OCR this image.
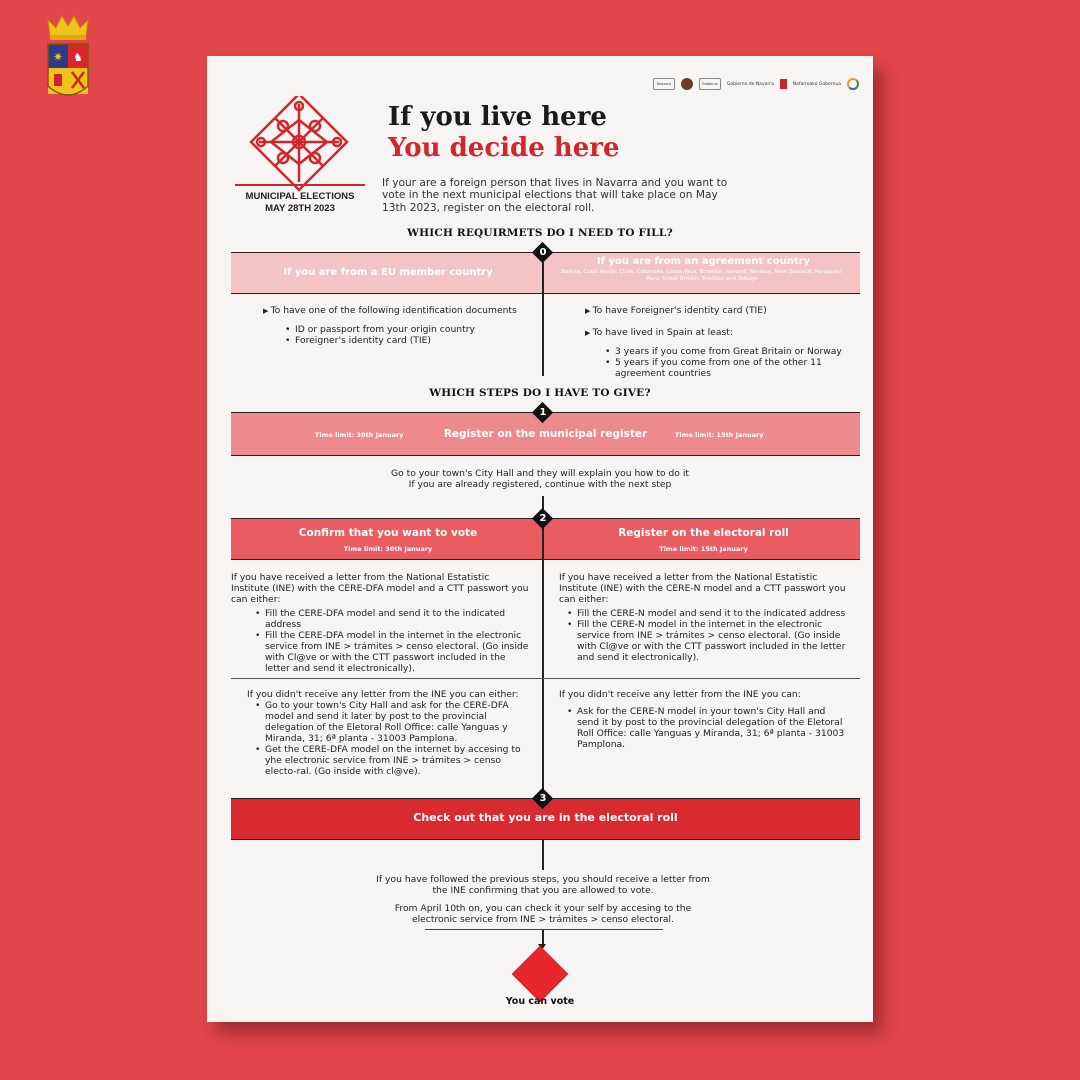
✷ ♞
Navarra	Gobierno	Gobierno de Navarra	Nafarroako Gobernua
MUNICIPAL ELECTIONS
MAY 28TH 2023
If you live here
You decide here
If your are a foreign person that lives in Navarra and you want to vote in the next municipal elections that will take place on May 13th 2023, register on the electoral roll.
WHICH REQUIRMETS DO I NEED TO FILL?
If you are from a EU member country
If you are from an agreement country
Bolivia, Cabo Verde, Chile, Colombia, Costa Rica, Ecuador, Iceland, Norway, New Zealand, Paraguay, Peru, Great Britain, Trinidad and Tobago
0
▶ To have one of the following identification documents
• ID or passport from your origin country
• Foreigner's identity card (TIE)
▶ To have Foreigner's identity card (TIE)
▶ To have lived in Spain at least:
• 3 years if you come from Great Britain or Norway
• 5 years if you come from one of the other 11 agreement countries
WHICH STEPS DO I HAVE TO GIVE?
Time limit: 30th January	Register on the municipal register	Time limit: 15th January
1
Go to your town's City Hall and they will explain you how to do it
If you are already registered, continue with the next step
Confirm that you want to vote
Time limit: 30th January
Register on the electoral roll
Time limit: 15th January
2
If you have received a letter from the National Estatistic Institute (INE) with the CERE-DFA model and a CTT passwort you can either:
• Fill the CERE-DFA model and send it to the indicated address
• Fill the CERE-DFA model in the internet in the electronic service from INE > trámites > censo electoral. (Go inside with Cl@ve or with the CTT passwort included in the letter and send it electronically).
If you have received a letter from the National Estatistic Institute (INE) with the CERE-N model and a CTT passwort you can either:
• Fill the CERE-N model and send it to the indicated address
• Fill the CERE-N model in the internet in the electronic service from INE > trámites > censo electoral. (Go inside with Cl@ve or with the CTT passwort included in the letter and send it electronically).
If you didn't receive any letter from the INE you can either:
• Go to your town's City Hall and ask for the CERE-DFA model and send it later by post to the provincial delegation of the Eletoral Roll Office: calle Yanguas y Miranda, 31; 6ª planta - 31003 Pamplona.
• Get the CERE-DFA model on the internet by accesing to yhe electronic service from INE > trámites > censo electo-ral. (Go inside with cl@ve).
If you didn't receive any letter from the INE you can:
• Ask for the CERE-N model in your town's City Hall and send it by post to the provincial delegation of the Eletoral Roll Office: calle Yanguas y Miranda, 31; 6ª planta - 31003 Pamplona.
Check out that you are in the electoral roll
3
If you have followed the previous steps, you should receive a letter from the INE confirming that you are allowed to vote.
From April 10th on, you can check it your self by accesing to the electronic service from INE > trámites > censo electoral.
You can vote
